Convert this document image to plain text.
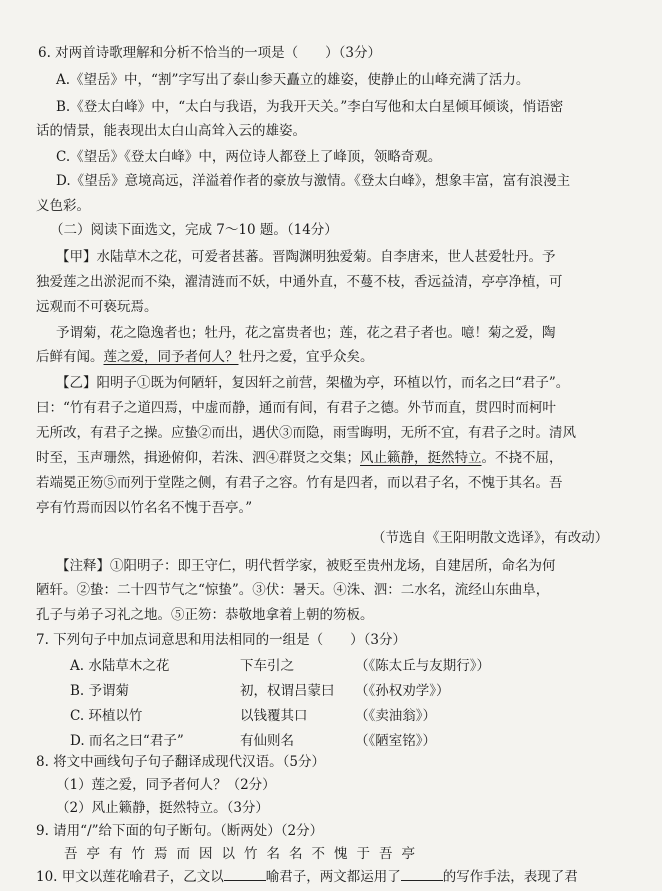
6. 对两首诗歌理解和分析不恰当的一项是（　　）（3分）
A.《望岳》中，“割”字写出了泰山参天矗立的雄姿，使静止的山峰充满了活力。
B.《登太白峰》中，“太白与我语，为我开天关。”李白写他和太白星倾耳倾谈，悄语密
话的情景，能表现出太白山高耸入云的雄姿。
C.《望岳》《登太白峰》中，两位诗人都登上了峰顶，领略奇观。
D.《望岳》意境高远，洋溢着作者的豪放与激情。《登太白峰》，想象丰富，富有浪漫主
义色彩。
（二）阅读下面选文，完成 7～10 题。（14分）
【甲】水陆草木之花，可爱者甚蕃。晋陶渊明独爱菊。自李唐来，世人甚爱牡丹。予
独爱莲之出淤泥而不染，濯清涟而不妖，中通外直，不蔓不枝，香远益清，亭亭净植，可
远观而不可亵玩焉。
予谓菊，花之隐逸者也；牡丹，花之富贵者也；莲，花之君子者也。噫！菊之爱，陶
后鲜有闻。莲之爱，同予者何人？牡丹之爱，宜乎众矣。
【乙】阳明子①既为何陋轩，复因轩之前营，架楹为亭，环植以竹，而名之曰“君子”。
曰：“竹有君子之道四焉，中虚而静，通而有间，有君子之德。外节而直，贯四时而柯叶
无所改，有君子之操。应蛰②而出，遇伏③而隐，雨雪晦明，无所不宜，有君子之时。清风
时至，玉声珊然，揖逊俯仰，若洙、泗④群贤之交集；风止籁静，挺然特立。不挠不屈，
若端冕正笏⑤而列于堂陛之侧，有君子之容。竹有是四者，而以君子名，不愧于其名。吾
亭有竹焉而因以竹名名不愧于吾亭。”
（节选自《王阳明散文选译》，有改动）
【注释】①阳明子：即王守仁，明代哲学家，被贬至贵州龙场，自建居所，命名为何
陋轩。②蛰：二十四节气之“惊蛰”。③伏：暑天。④洙、泗：二水名，流经山东曲阜，
孔子与弟子习礼之地。⑤正笏：恭敬地拿着上朝的笏板。
7. 下列句子中加点词意思和用法相同的一组是（　　）（3分）
A. 水陆草木之花	下车引之	（《陈太丘与友期行》）
B. 予谓菊	初，权谓吕蒙曰 （《孙权劝学》）
C. 环植以竹	以钱覆其口	（《卖油翁》）
D. 而名之曰“君子”	有仙则名	（《陋室铭》）
8. 将文中画线句子句子翻译成现代汉语。（5分）
（1）莲之爱，同予者何人？（2分）
（2）风止籁静，挺然特立。（3分）
9. 请用“/”给下面的句子断句。（断两处）（2分）
吾亭有竹焉而因以竹名名不愧于吾亭
10. 甲文以莲花喻君子，乙文以	喻君子，两文都运用了	的写作手法，表现了君
